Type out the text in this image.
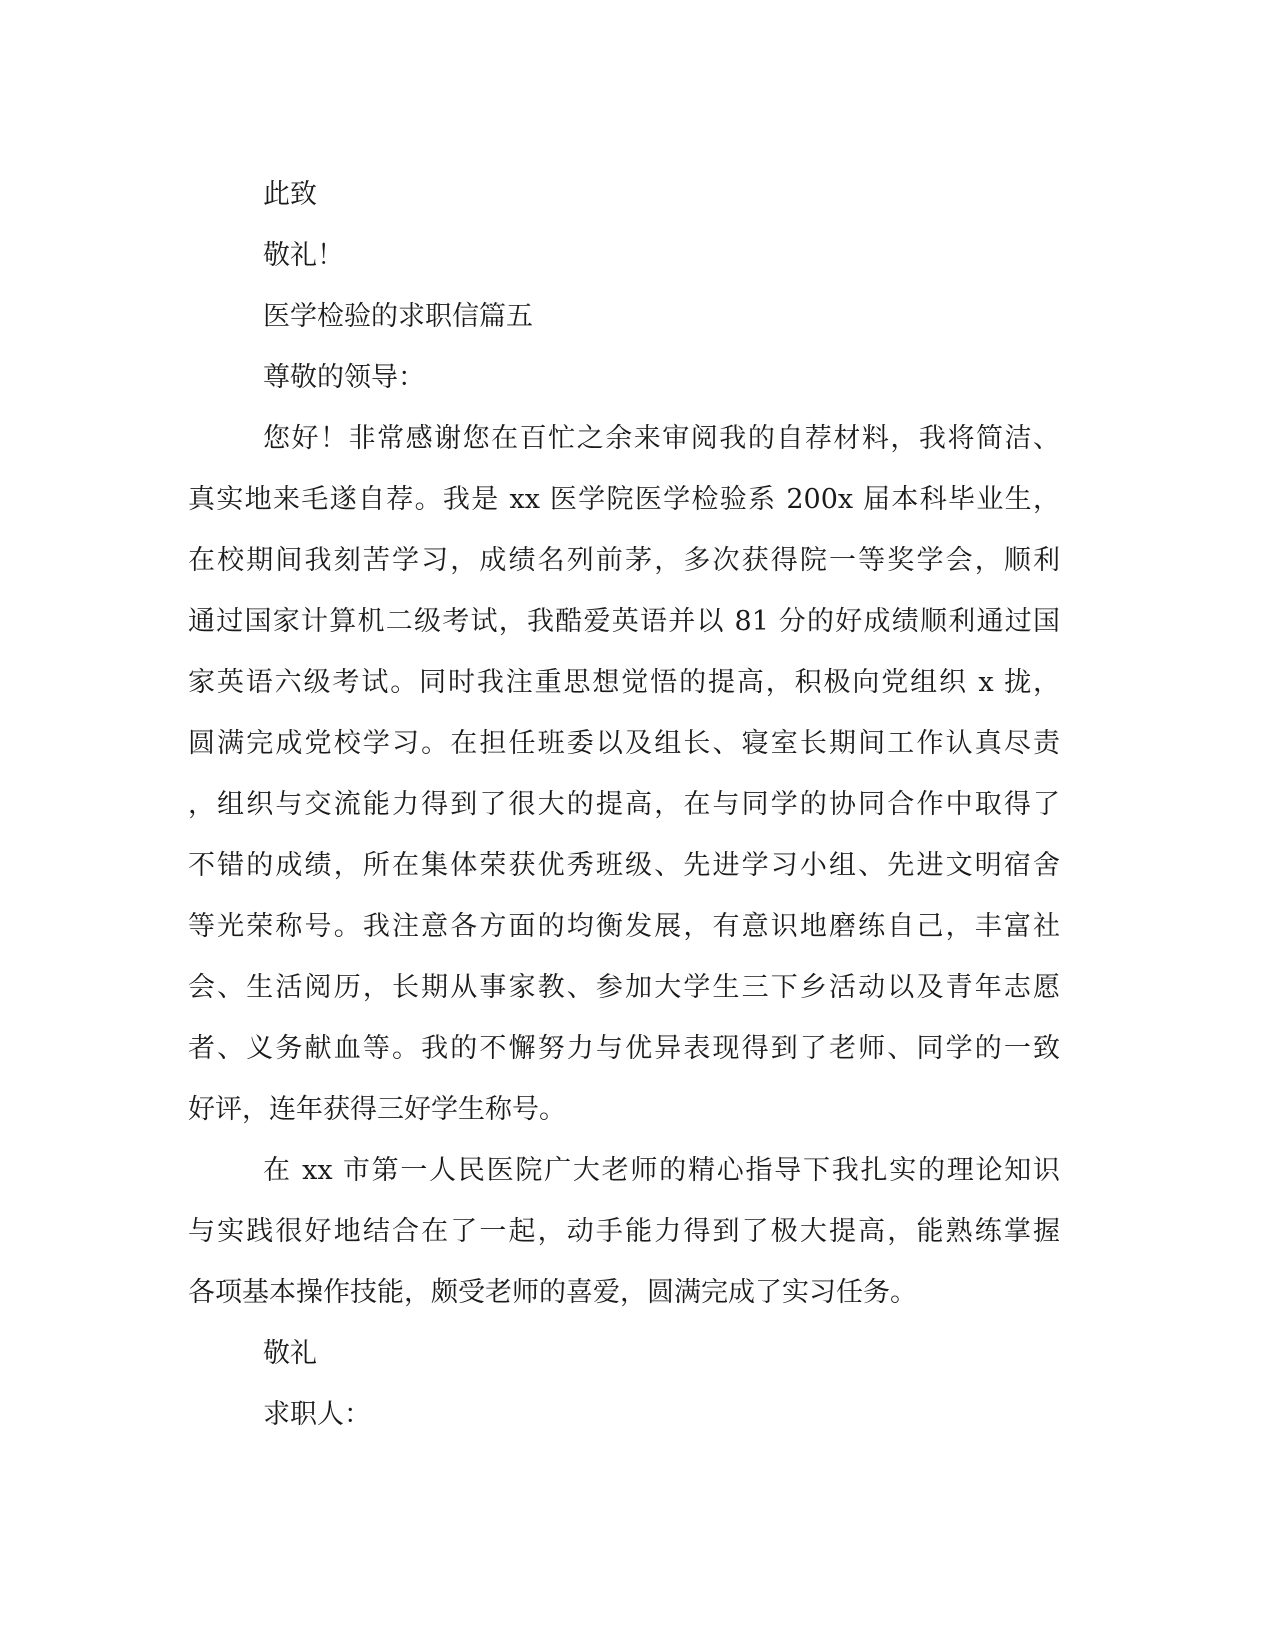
此致
敬礼！
医学检验的求职信篇五
尊敬的领导：
您好！非常感谢您在百忙之余来审阅我的自荐材料，我将简洁、
真实地来毛遂自荐。我是 xx 医学院医学检验系 200x 届本科毕业生，
在校期间我刻苦学习，成绩名列前茅，多次获得院一等奖学会，顺利
通过国家计算机二级考试，我酷爱英语并以 81 分的好成绩顺利通过国
家英语六级考试。同时我注重思想觉悟的提高，积极向党组织 x 拢，
圆满完成党校学习。在担任班委以及组长、寝室长期间工作认真尽责
，组织与交流能力得到了很大的提高，在与同学的协同合作中取得了
不错的成绩，所在集体荣获优秀班级、先进学习小组、先进文明宿舍
等光荣称号。我注意各方面的均衡发展，有意识地磨练自己，丰富社
会、生活阅历，长期从事家教、参加大学生三下乡活动以及青年志愿
者、义务献血等。我的不懈努力与优异表现得到了老师、同学的一致
好评，连年获得三好学生称号。
在 xx 市第一人民医院广大老师的精心指导下我扎实的理论知识
与实践很好地结合在了一起，动手能力得到了极大提高，能熟练掌握
各项基本操作技能，颇受老师的喜爱，圆满完成了实习任务。
敬礼
求职人：
